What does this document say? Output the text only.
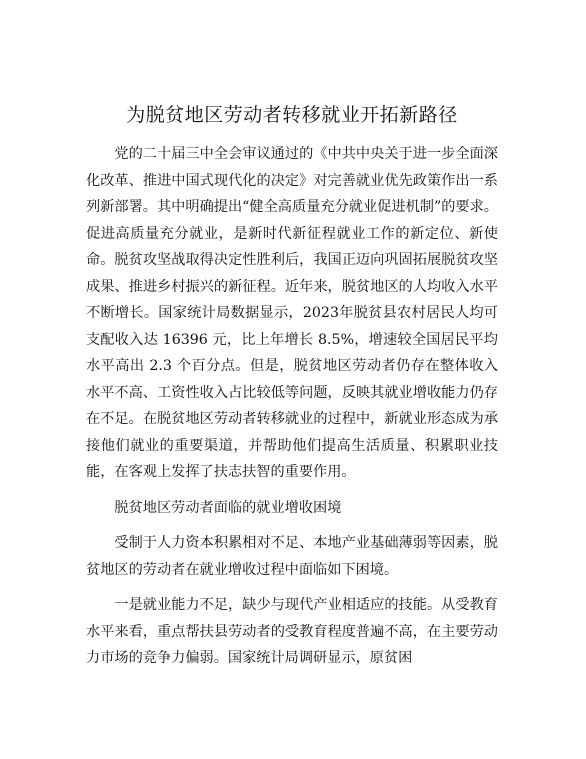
为脱贫地区劳动者转移就业开拓新路径

党的二十届三中全会审议通过的《中共中央关于进一步全面深化改革、推进中国式现代化的决定》对完善就业优先政策作出一系列新部署。其中明确提出“健全高质量充分就业促进机制”的要求。促进高质量充分就业，是新时代新征程就业工作的新定位、新使命。脱贫攻坚战取得决定性胜利后，我国正迈向巩固拓展脱贫攻坚成果、推进乡村振兴的新征程。近年来，脱贫地区的人均收入水平不断增长。国家统计局数据显示，2023年脱贫县农村居民人均可支配收入达 16396 元，比上年增长 8.5%，增速较全国居民平均水平高出 2.3 个百分点。但是，脱贫地区劳动者仍存在整体收入水平不高、工资性收入占比较低等问题，反映其就业增收能力仍存在不足。在脱贫地区劳动者转移就业的过程中，新就业形态成为承接他们就业的重要渠道，并帮助他们提高生活质量、积累职业技能，在客观上发挥了扶志扶智的重要作用。

脱贫地区劳动者面临的就业增收困境

受制于人力资本积累相对不足、本地产业基础薄弱等因素，脱贫地区的劳动者在就业增收过程中面临如下困境。

一是就业能力不足，缺少与现代产业相适应的技能。从受教育水平来看，重点帮扶县劳动者的受教育程度普遍不高，在主要劳动力市场的竞争力偏弱。国家统计局调研显示，原贫困
